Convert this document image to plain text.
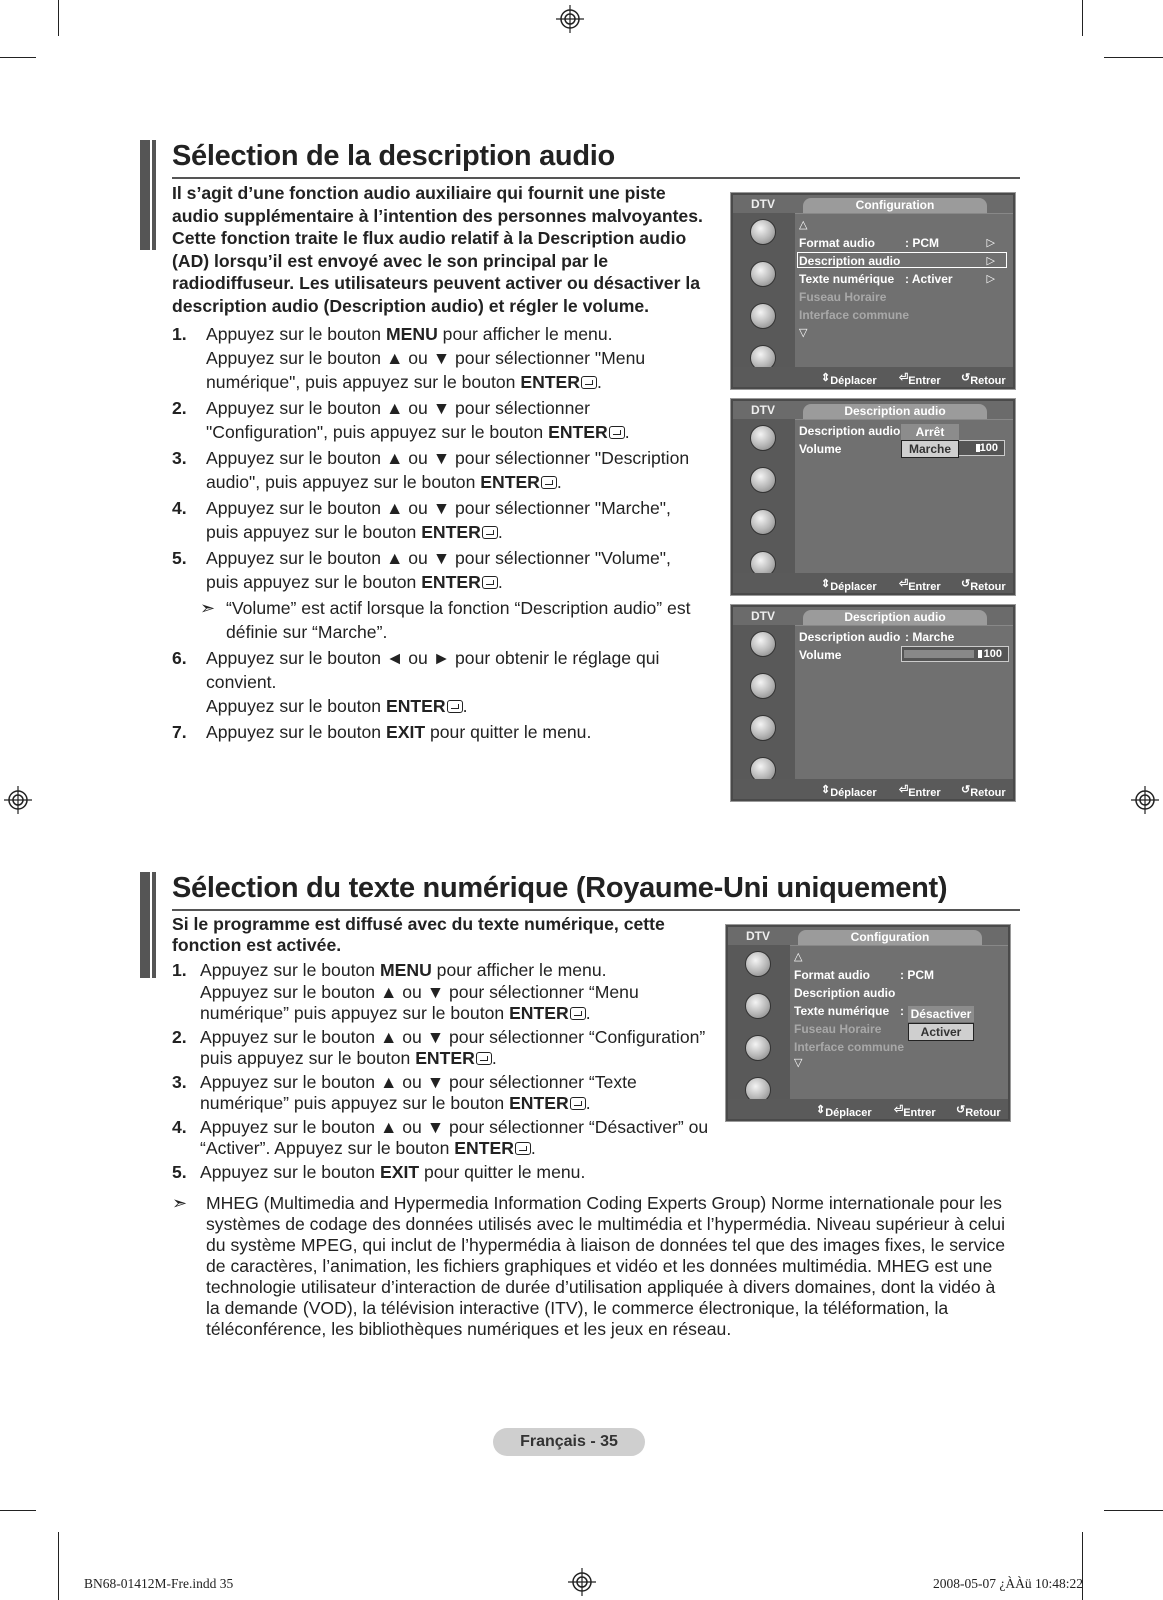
Sélection de la description audio
Il s’agit d’une fonction audio auxiliaire qui fournit une piste audio supplémentaire à l’intention des personnes malvoyantes. Cette fonction traite le flux audio relatif à la Description audio (AD) lorsqu’il est envoyé avec le son principal par le radiodiffuseur. Les utilisateurs peuvent activer ou désactiver la description audio (Description audio) et régler le volume.
1. Appuyez sur le bouton MENU pour afficher le menu.
Appuyez sur le bouton ▲ ou ▼ pour sélectionner "Menu numérique", puis appuyez sur le bouton ENTER .
2. Appuyez sur le bouton ▲ ou ▼ pour sélectionner "Configuration", puis appuyez sur le bouton ENTER .
3. Appuyez sur le bouton ▲ ou ▼ pour sélectionner "Description audio", puis appuyez sur le bouton ENTER .
4. Appuyez sur le bouton ▲ ou ▼ pour sélectionner "Marche", puis appuyez sur le bouton ENTER .
5. Appuyez sur le bouton ▲ ou ▼ pour sélectionner "Volume", puis appuyez sur le bouton ENTER .
➣ “Volume” est actif lorsque la fonction “Description audio” est définie sur “Marche”.
6. Appuyez sur le bouton ◄ ou ► pour obtenir le réglage qui convient.
Appuyez sur le bouton ENTER .
7. Appuyez sur le bouton EXIT pour quitter le menu.
DTV	Configuration
△
Format audio : PCM	▷
Description audio	▷
Texte numérique : Activer	▷
Fuseau Horaire
Interface commune
▽
⇕ Déplacer ⏎ Entrer ↺ Retour
DTV	Description audio
Description audio
Volume	100
Arrêt
Marche
⇕ Déplacer ⏎ Entrer ↺ Retour
DTV	Description audio
Description audio : Marche
Volume	100
⇕ Déplacer ⏎ Entrer ↺ Retour
Sélection du texte numérique (Royaume-Uni uniquement)
Si le programme est diffusé avec du texte numérique, cette fonction est activée.
1. Appuyez sur le bouton MENU pour afficher le menu.
Appuyez sur le bouton ▲ ou ▼ pour sélectionner “Menu numérique” puis appuyez sur le bouton ENTER .
2. Appuyez sur le bouton ▲ ou ▼ pour sélectionner “Configuration” puis appuyez sur le bouton ENTER .
3. Appuyez sur le bouton ▲ ou ▼ pour sélectionner “Texte numérique” puis appuyez sur le bouton ENTER .
4. Appuyez sur le bouton ▲ ou ▼ pour sélectionner “Désactiver” ou “Activer”. Appuyez sur le bouton ENTER .
5. Appuyez sur le bouton EXIT pour quitter le menu.
DTV	Configuration
△
Format audio : PCM
Description audio
Texte numérique :
Fuseau Horaire
Interface commune
▽
Désactiver
Activer
⇕ Déplacer ⏎ Entrer ↺ Retour
➣	MHEG (Multimedia and Hypermedia Information Coding Experts Group) Norme internationale pour les systèmes de codage des données utilisés avec le multimédia et l’hypermédia. Niveau supérieur à celui du système MPEG, qui inclut de l’hypermédia à liaison de données tel que des images fixes, le service de caractères, l’animation, les fichiers graphiques et vidéo et les données multimédia. MHEG est une technologie utilisateur d’interaction de durée d’utilisation appliquée à divers domaines, dont la vidéo à la demande (VOD), la télévision interactive (ITV), le commerce électronique, la téléformation, la téléconférence, les bibliothèques numériques et les jeux en réseau.
Français - 35
BN68-01412M-Fre.indd 35	2008-05-07 ¿ÀÀü 10:48:22
